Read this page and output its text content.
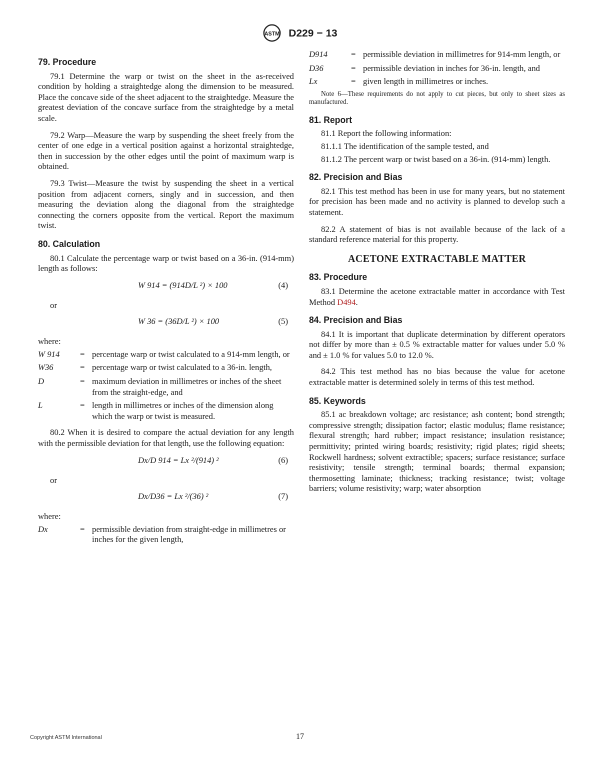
ASTM D229 − 13
79. Procedure

79.1 Determine the warp or twist on the sheet in the as-received condition by holding a straightedge along the dimension to be measured. Place the concave side of the sheet adjacent to the straightedge. Measure the greatest deviation of the concave surface from the straightedge by a metal scale.

79.2 Warp—Measure the warp by suspending the sheet freely from the center of one edge in a vertical position against a horizontal straightedge, then in succession by the other edges until the point of maximum warp is obtained.

79.3 Twist—Measure the twist by suspending the sheet in a vertical position from adjacent corners, singly and in succession, and then measuring the deviation along the diagonal from the straightedge connecting the corners opposite from the vertical. Report the maximum twist.

80. Calculation

80.1 Calculate the percentage warp or twist based on a 36-in. (914-mm) length as follows:

W 914 = (914D/L ²) × 100	(4)
or
W 36 = (36D/L ²) × 100	(5)
where:
W 914	= percentage warp or twist calculated to a 914-mm length, or
W36	= percentage warp or twist calculated to a 36-in. length,
D	= maximum deviation in millimetres or inches of the sheet from the straight-edge, and
L	= length in millimetres or inches of the dimension along which the warp or twist is measured.

80.2 When it is desired to compare the actual deviation for any length with the permissible deviation for that length, use the following equation:

Dx/D 914 = Lx ²/(914) ²	(6)
or
Dx/D36 = Lx ²/(36) ²	(7)
where:
Dx	= permissible deviation from straight-edge in millimetres or inches for the given length,
D914	= permissible deviation in millimetres for 914-mm length, or
D36	= permissible deviation in inches for 36-in. length, and
Lx	= given length in millimetres or inches.
Note 6—These requirements do not apply to cut pieces, but only to sheet sizes as manufactured.
81. Report
81.1 Report the following information:
81.1.1 The identification of the sample tested, and

81.1.2 The percent warp or twist based on a 36-in. (914-mm) length.

82. Precision and Bias

82.1 This test method has been in use for many years, but no statement for precision has been made and no activity is planned to develop such a statement.

82.2 A statement of bias is not available because of the lack of a standard reference material for this property.

ACETONE EXTRACTABLE MATTER
83. Procedure

83.1 Determine the acetone extractable matter in accordance with Test Method D494.

84. Precision and Bias

84.1 It is important that duplicate determination by different operators not differ by more than ± 0.5 % extractable matter for values under 5.0 % and ± 1.0 % for values 5.0 to 12.0 %.

84.2 This test method has no bias because the value for acetone extractable matter is determined solely in terms of this test method.

85. Keywords

85.1 ac breakdown voltage; arc resistance; ash content; bond strength; compressive strength; dissipation factor; elastic modulus; flame resistance; flexural strength; hard rubber; impact resistance; insulation resistance; permittivity; printed wiring boards; resistivity; rigid plates; rigid sheets; Rockwell hardness; solvent extractible; spacers; surface resistance; surface resistivity; tensile strength; terminal boards; thermal expansion; thermosetting laminate; thickness; tracking resistance; twist; voltage barriers; volume resistivity; warp; water absorption

Copyright ASTM International	17
